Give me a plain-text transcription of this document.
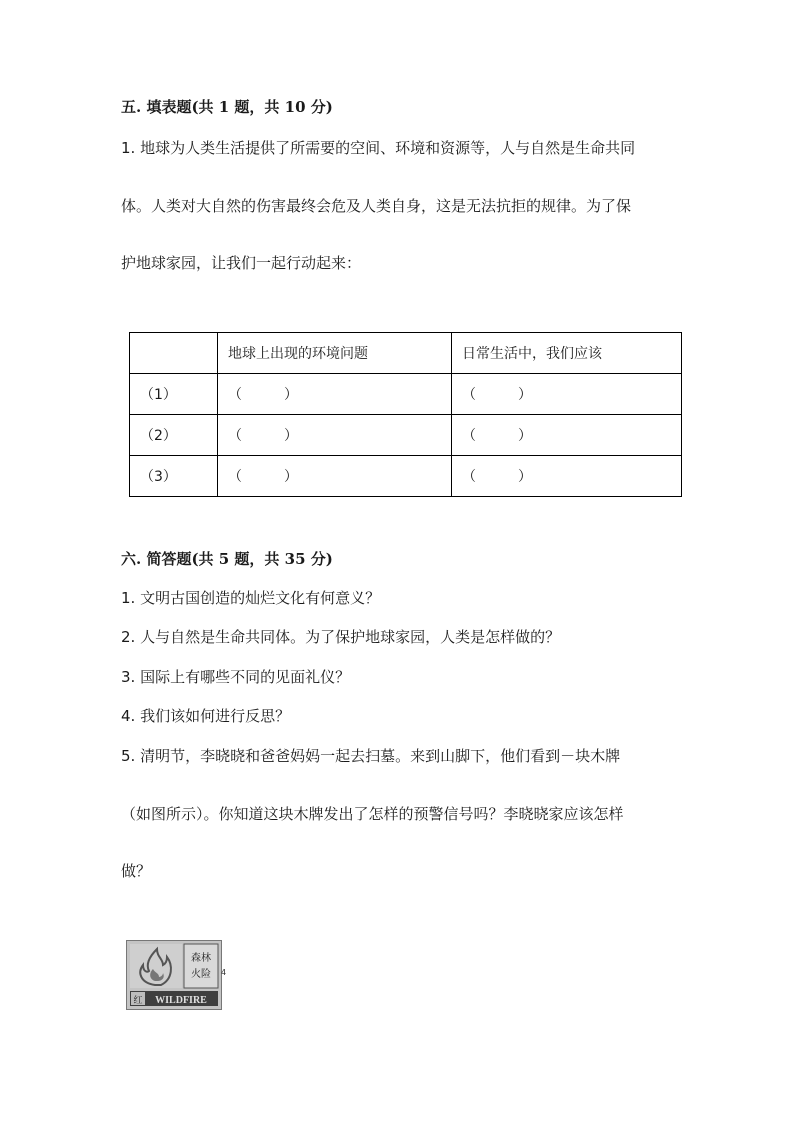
五. 填表题(共 1 题，共 10 分)
1. 地球为人类生活提供了所需要的空间、环境和资源等，人与自然是生命共同
体。人类对大自然的伤害最终会危及人类自身，这是无法抗拒的规律。为了保
护地球家园，让我们一起行动起来：
	地球上出现的环境问题	日常生活中，我们应该
（1）	（　　　）	（　　　）
（2）	（　　　）	（　　　）
（3）	（　　　）	（　　　）
六. 简答题(共 5 题，共 35 分)
1. 文明古国创造的灿烂文化有何意义？
2. 人与自然是生命共同体。为了保护地球家园，人类是怎样做的？
3. 国际上有哪些不同的见面礼仪？
4. 我们该如何进行反思？
5. 清明节，李晓晓和爸爸妈妈一起去扫墓。来到山脚下，他们看到－块木牌
（如图所示）。你知道这块木牌发出了怎样的预警信号吗？李晓晓家应该怎样
做？
森林
火险
红 WILDFIRE
4
